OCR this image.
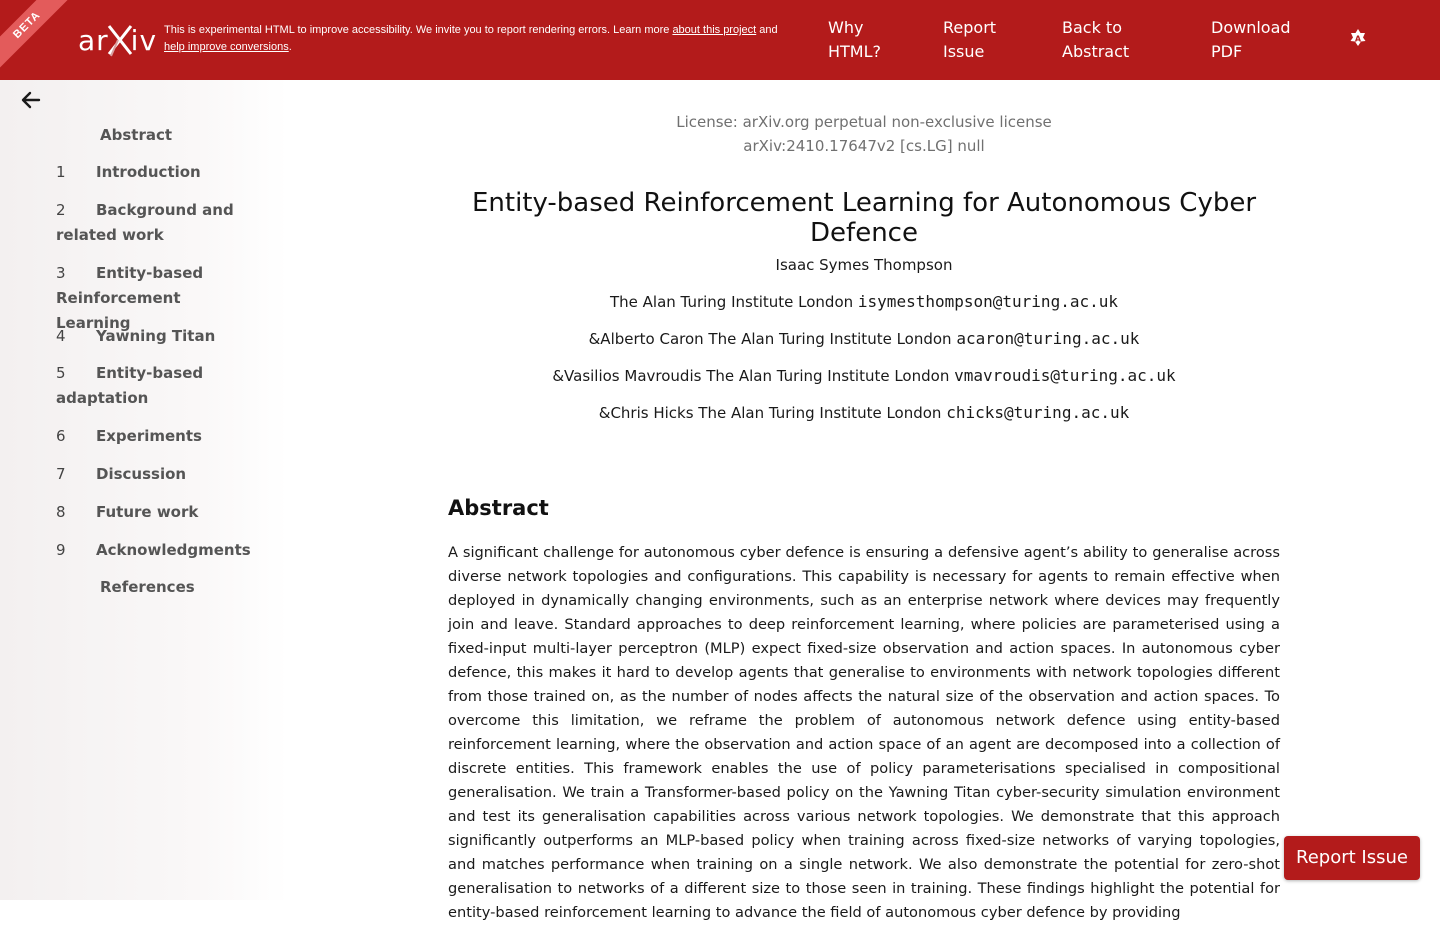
BETA	ar
iv This is experimental HTML to improve accessibility. We invite you to report rendering errors. Learn more about this project and
help improve conversions.
Why
HTML?
Report
Issue
Back to
Abstract
Download
PDF
A
Abstract
1 Introduction
2 Background and related work
3 Entity-based Reinforcement Learning
4 Yawning Titan
5 Entity-based adaptation
6 Experiments
7 Discussion
8 Future work
9 Acknowledgments
References
License: arXiv.org perpetual non-exclusive license
arXiv:2410.17647v2 [cs.LG] null
Entity-based Reinforcement Learning for Autonomous Cyber Defence
Isaac Symes Thompson
The Alan Turing Institute London isymesthompson@turing.ac.uk
&Alberto Caron The Alan Turing Institute London acaron@turing.ac.uk
&Vasilios Mavroudis The Alan Turing Institute London vmavroudis@turing.ac.uk
&Chris Hicks The Alan Turing Institute London chicks@turing.ac.uk
Abstract
A significant challenge for autonomous cyber defence is ensuring a defensive agent’s ability to generalise across diverse network topologies and configurations. This capability is necessary for agents to remain effective when deployed in dynamically changing environments, such as an enterprise network where devices may frequently join and leave. Standard approaches to deep reinforcement learning, where policies are parameterised using a fixed-input multi-layer perceptron (MLP) expect fixed-size observation and action spaces. In autonomous cyber defence, this makes it hard to develop agents that generalise to environments with network topologies different from those trained on, as the number of nodes affects the natural size of the observation and action spaces. To overcome this limitation, we reframe the problem of autonomous network defence using entity-based reinforcement learning, where the observation and action space of an agent are decomposed into a collection of discrete entities. This framework enables the use of policy parameterisations specialised in compositional generalisation. We train a Transformer-based policy on the Yawning Titan cyber-security simulation environment and test its generalisation capabilities across various network topologies. We demonstrate that this approach significantly outperforms an MLP-based policy when training across fixed-size networks of varying topologies, and matches performance when training on a single network. We also demonstrate the potential for zero-shot generalisation to networks of a different size to those seen in training. These findings highlight the potential for entity-based reinforcement learning to advance the field of autonomous cyber defence by providing
Report Issue
